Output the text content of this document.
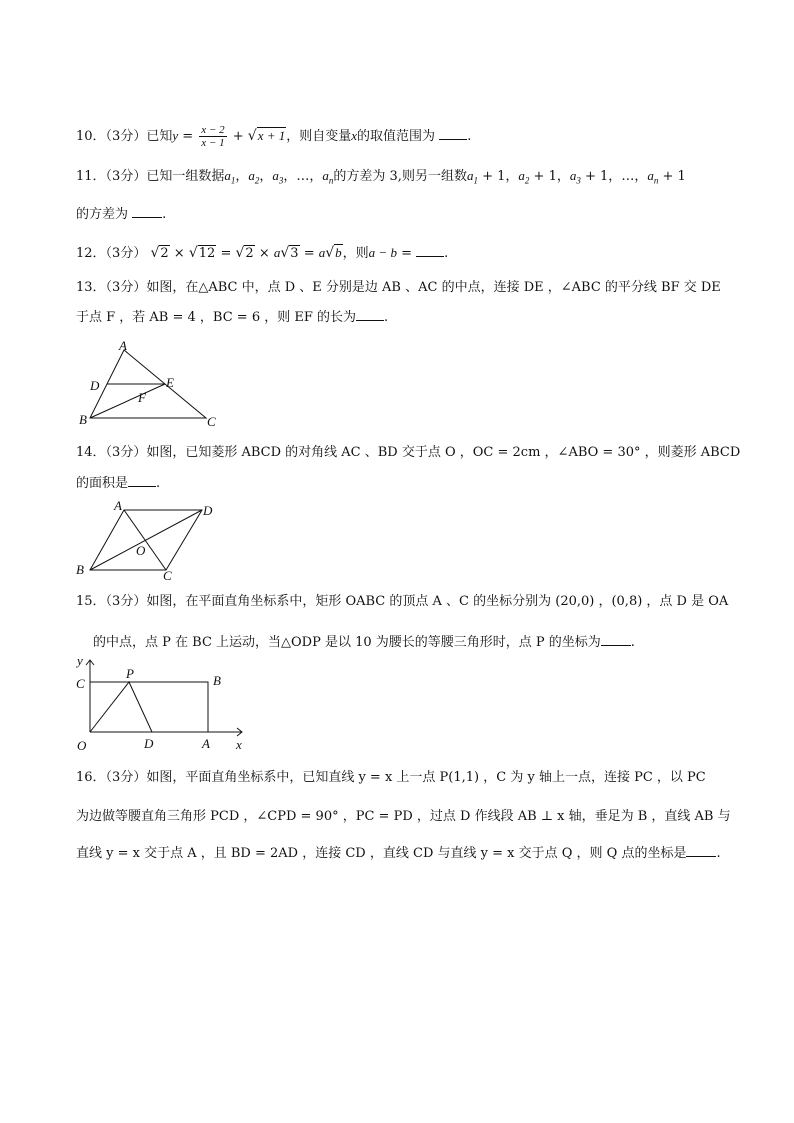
10．（3分）已知$y = \frac{x - 2}{x - 1} + √x + 1$，则自变量x的取值范围为 .
11．（3分）已知一组数据$a_1$，$a_2$，$a_3$，…，$a_n$的方差为 3,则另一组数$a_1 + 1$，$a_2 + 1$，$a_3 + 1$，…，$a_n + 1$
的方差为	.
12．（3分） √2 × √12 = √2 × a√3 = a√b，则a − b = .
13．（3分）如图，在△ABC 中，点 D 、E 分别是边 AB 、AC 的中点，连接 DE ，∠ABC 的平分线 BF 交 DE
于点 F ，若 AB = 4 ，BC = 6 ，则 EF 的长为 .
A
D	E
F
B	C
14．（3分）如图，已知菱形 ABCD 的对角线 AC 、BD 交于点 O ，OC = 2cm ，∠ABO = 30° ，则菱形 ABCD
的面积是 .
A	D
O
B	C
15．（3分）如图，在平面直角坐标系中，矩形 OABC 的顶点 A 、C 的坐标分别为 (20,0) ，(0,8) ，点 D 是 OA
的中点，点 P 在 BC 上运动，当△ODP 是以 10 为腰长的等腰三角形时，点 P 的坐标为 .
y
C
P	B
O	D	A x
16．（3分）如图，平面直角坐标系中，已知直线 y = x 上一点 P(1,1) ，C 为 y 轴上一点，连接 PC ，以 PC
为边做等腰直角三角形 PCD ，∠CPD = 90° ，PC = PD ，过点 D 作线段 AB ⊥ x 轴，垂足为 B ，直线 AB 与
直线 y = x 交于点 A ，且 BD = 2AD ，连接 CD ，直线 CD 与直线 y = x 交于点 Q ，则 Q 点的坐标是 .
